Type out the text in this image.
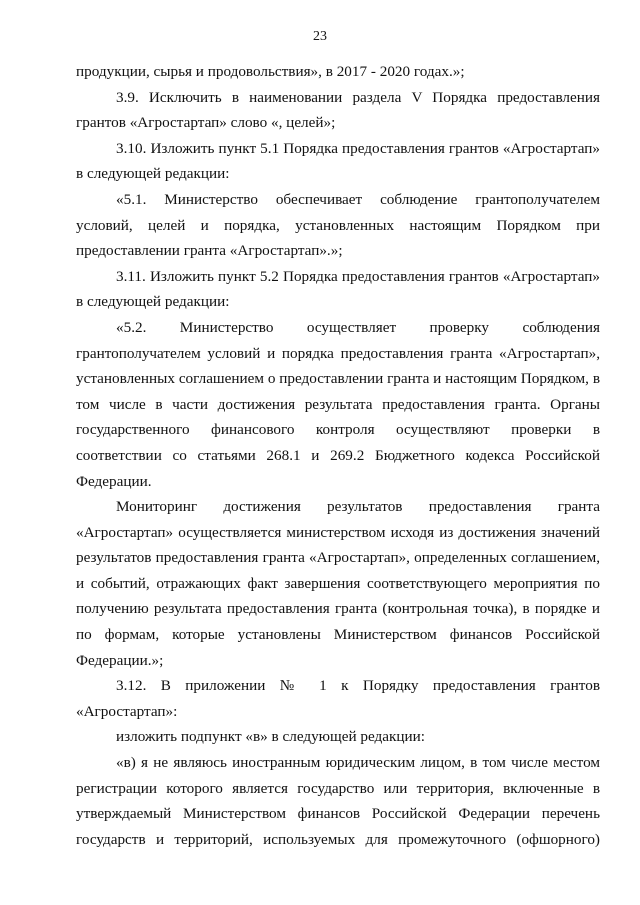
23

продукции, сырья и продовольствия», в 2017 - 2020 годах.»;

3.9. Исключить в наименовании раздела V Порядка предоставления грантов «Агростартап» слово «, целей»;

3.10. Изложить пункт 5.1 Порядка предоставления грантов «Агростартап» в следующей редакции:

«5.1. Министерство обеспечивает соблюдение грантополучателем условий, целей и порядка, установленных настоящим Порядком при предоставлении гранта «Агростартап».»;

3.11. Изложить пункт 5.2 Порядка предоставления грантов «Агростартап» в следующей редакции:

«5.2. Министерство осуществляет проверку соблюдения грантополучателем условий и порядка предоставления гранта «Агростартап», установленных соглашением о предоставлении гранта и настоящим Порядком, в том числе в части достижения результата предоставления гранта. Органы государственного финансового контроля осуществляют проверки в соответствии со статьями 268.1 и 269.2 Бюджетного кодекса Российской Федерации.

Мониторинг достижения результатов предоставления гранта «Агростартап» осуществляется министерством исходя из достижения значений результатов предоставления гранта «Агростартап», определенных соглашением, и событий, отражающих факт завершения соответствующего мероприятия по получению результата предоставления гранта (контрольная точка), в порядке и по формам, которые установлены Министерством финансов Российской Федерации.»;

3.12. В приложении № 1 к Порядку предоставления грантов «Агростартап»:

изложить подпункт «в» в следующей редакции:

«в) я не являюсь иностранным юридическим лицом, в том числе местом регистрации которого является государство или территория, включенные в утверждаемый Министерством финансов Российской Федерации перечень государств и территорий, используемых для промежуточного (офшорного)
